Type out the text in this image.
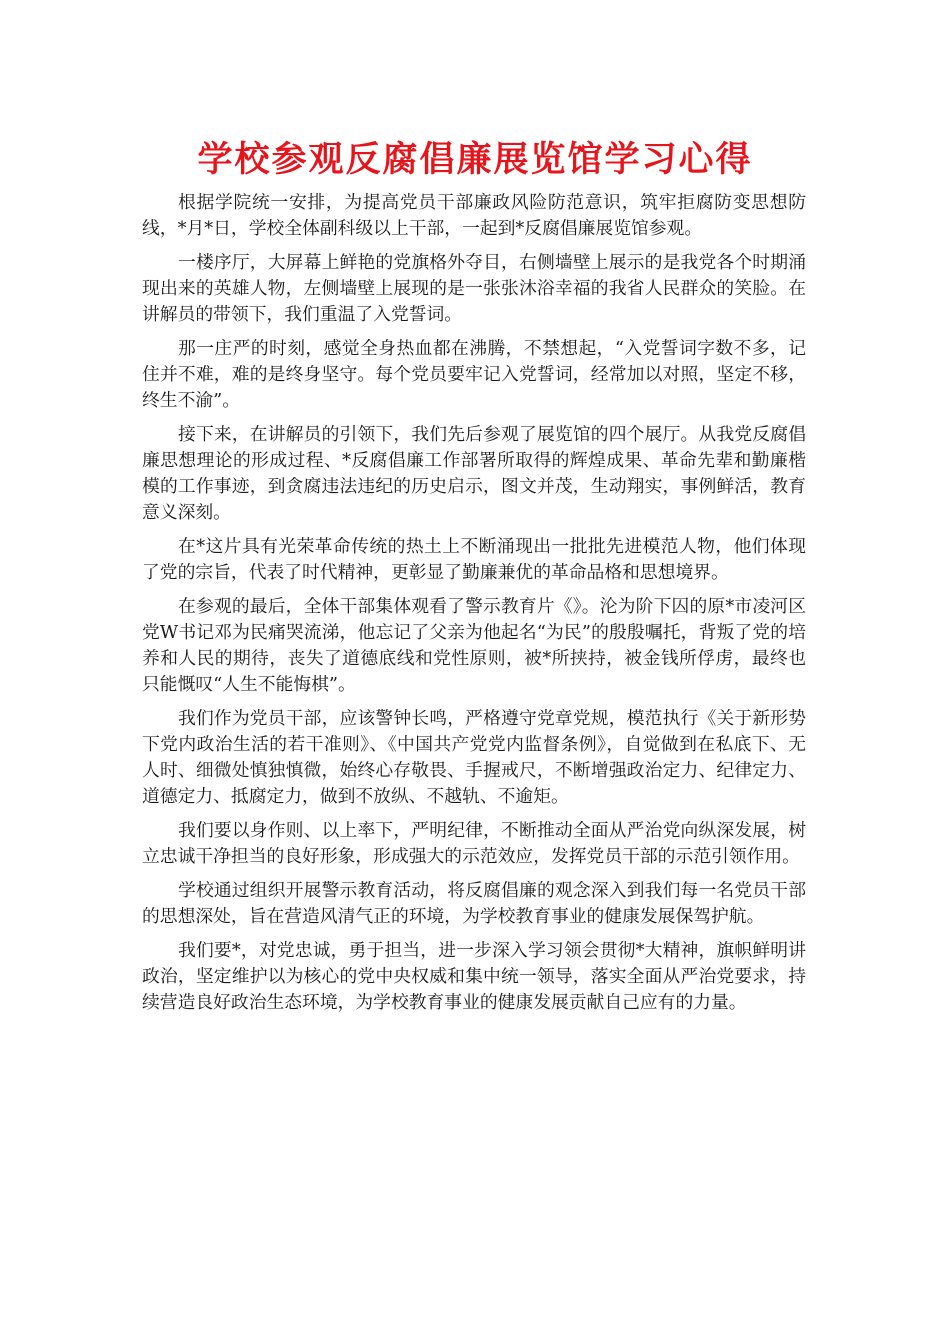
学校参观反腐倡廉展览馆学习心得

根据学院统一安排，为提高党员干部廉政风险防范意识，筑牢拒腐防变思想防线，*月*日，学校全体副科级以上干部，一起到*反腐倡廉展览馆参观。

一楼序厅，大屏幕上鲜艳的党旗格外夺目，右侧墙壁上展示的是我党各个时期涌现出来的英雄人物，左侧墙壁上展现的是一张张沐浴幸福的我省人民群众的笑脸。在讲解员的带领下，我们重温了入党誓词。

那一庄严的时刻，感觉全身热血都在沸腾，不禁想起，“入党誓词字数不多，记住并不难，难的是终身坚守。每个党员要牢记入党誓词，经常加以对照，坚定不移，终生不渝”。

接下来，在讲解员的引领下，我们先后参观了展览馆的四个展厅。从我党反腐倡廉思想理论的形成过程、*反腐倡廉工作部署所取得的辉煌成果、革命先辈和勤廉楷模的工作事迹，到贪腐违法违纪的历史启示，图文并茂，生动翔实，事例鲜活，教育意义深刻。

在*这片具有光荣革命传统的热土上不断涌现出一批批先进模范人物，他们体现了党的宗旨，代表了时代精神，更彰显了勤廉兼优的革命品格和思想境界。

在参观的最后，全体干部集体观看了警示教育片《》。沦为阶下囚的原*市凌河区党W书记邓为民痛哭流涕，他忘记了父亲为他起名“为民”的殷殷嘱托，背叛了党的培养和人民的期待，丧失了道德底线和党性原则，被*所挟持，被金钱所俘虏，最终也只能慨叹“人生不能悔棋”。

我们作为党员干部，应该警钟长鸣，严格遵守党章党规，模范执行《关于新形势下党内政治生活的若干准则》、《中国共产党党内监督条例》，自觉做到在私底下、无人时、细微处慎独慎微，始终心存敬畏、手握戒尺，不断增强政治定力、纪律定力、道德定力、抵腐定力，做到不放纵、不越轨、不逾矩。

我们要以身作则、以上率下，严明纪律，不断推动全面从严治党向纵深发展，树立忠诚干净担当的良好形象，形成强大的示范效应，发挥党员干部的示范引领作用。

学校通过组织开展警示教育活动，将反腐倡廉的观念深入到我们每一名党员干部的思想深处，旨在营造风清气正的环境，为学校教育事业的健康发展保驾护航。

我们要*，对党忠诚，勇于担当，进一步深入学习领会贯彻*大精神，旗帜鲜明讲政治，坚定维护以为核心的党中央权威和集中统一领导，落实全面从严治党要求，持续营造良好政治生态环境，为学校教育事业的健康发展贡献自己应有的力量。
